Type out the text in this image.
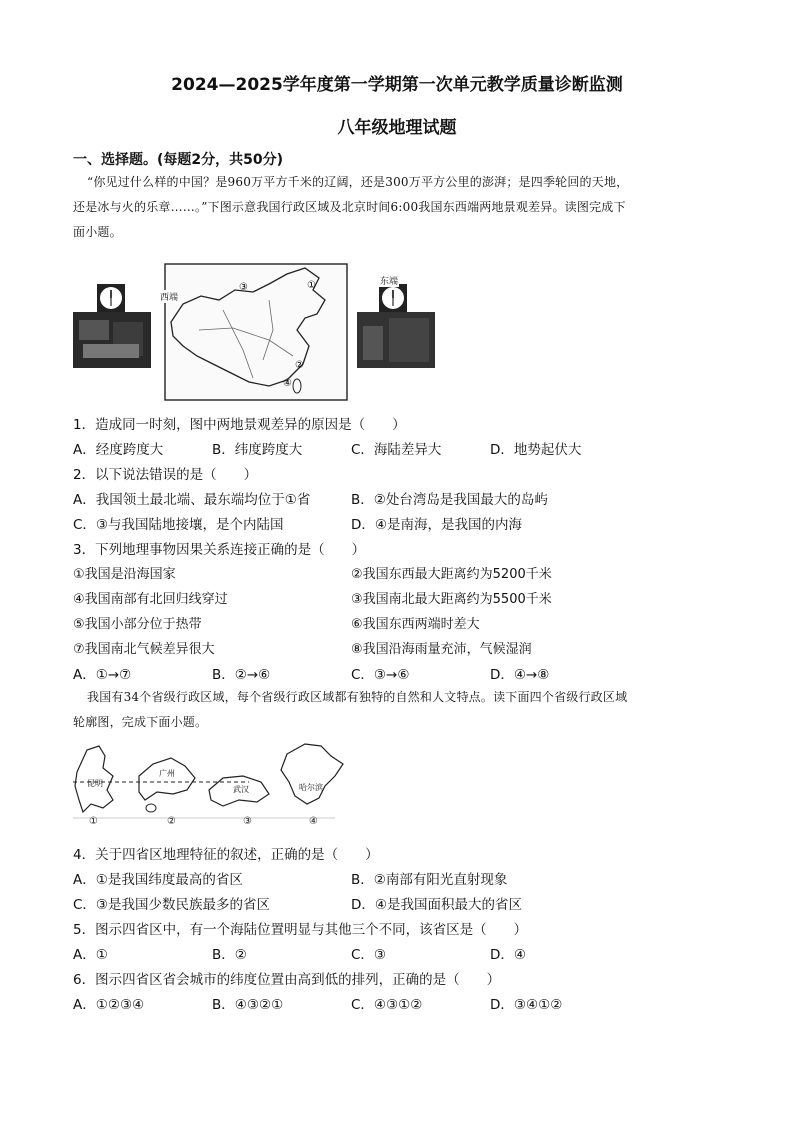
2024—2025学年度第一学期第一次单元教学质量诊断监测
八年级地理试题
一、选择题。(每题2分，共50分)
“你见过什么样的中国？是960万平方千米的辽阔，还是300万平方公里的澎湃；是四季轮回的天地，
还是冰与火的乐章……。”下图示意我国行政区域及北京时间6:00我国东西端两地景观差异。读图完成下
面小题。
③	①
②
④
西端
东端
1．造成同一时刻，图中两地景观差异的原因是（　　）
A．经度跨度大	B．纬度跨度大	C．海陆差异大	D．地势起伏大
2．以下说法错误的是（　　）
A．我国领土最北端、最东端均位于①省	B．②处台湾岛是我国最大的岛屿
C．③与我国陆地接壤，是个内陆国	D．④是南海，是我国的内海
3．下列地理事物因果关系连接正确的是（　　）
①我国是沿海国家	②我国东西最大距离约为5200千米
④我国南部有北回归线穿过	③我国南北最大距离约为5500千米
⑤我国小部分位于热带	⑥我国东西两端时差大
⑦我国南北气候差异很大	⑧我国沿海雨量充沛，气候湿润
A．①→⑦	B．②→⑥	C．③→⑥	D．④→⑧
我国有34个省级行政区域，每个省级行政区域都有独特的自然和人文特点。读下面四个省级行政区域
轮廓图，完成下面小题。
昆明
广州
武汉	哈尔滨
①	②	③	④
4．关于四省区地理特征的叙述，正确的是（　　）
A．①是我国纬度最高的省区	B．②南部有阳光直射现象
C．③是我国少数民族最多的省区	D．④是我国面积最大的省区
5．图示四省区中，有一个海陆位置明显与其他三个不同，该省区是（　　）
A．①	B．②	C．③	D．④
6．图示四省区省会城市的纬度位置由高到低的排列，正确的是（　　）
A．①②③④	B．④③②①	C．④③①②	D．③④①②
